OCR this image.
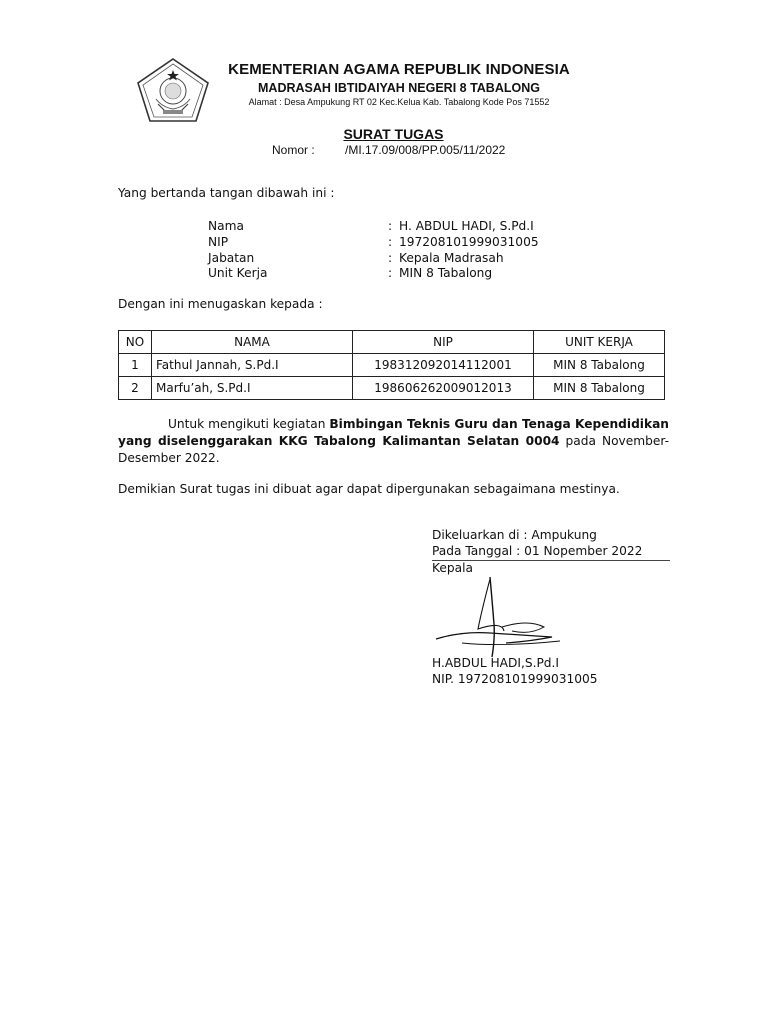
KEMENTERIAN AGAMA REPUBLIK INDONESIA
MADRASAH IBTIDAIYAH NEGERI 8 TABALONG
Alamat : Desa Ampukung RT 02 Kec.Kelua Kab. Tabalong Kode Pos 71552
SURAT TUGAS
Nomor :	/MI.17.09/008/PP.005/11/2022
Yang bertanda tangan dibawah ini :
Nama	: H. ABDUL HADI, S.Pd.I
NIP	: 197208101999031005
Jabatan	: Kepala Madrasah
Unit Kerja	: MIN 8 Tabalong
Dengan ini menugaskan kepada :
NO	NAMA	NIP	UNIT KERJA
1	Fathul Jannah, S.Pd.I	198312092014112001	MIN 8 Tabalong
2	Marfu’ah, S.Pd.I	198606262009012013	MIN 8 Tabalong
Untuk mengikuti kegiatan Bimbingan Teknis Guru dan Tenaga Kependidikan yang diselenggarakan KKG Tabalong Kalimantan Selatan 0004 pada November-Desember 2022.
Demikian Surat tugas ini dibuat agar dapat dipergunakan sebagaimana mestinya.
Dikeluarkan di : Ampukung
Pada Tanggal : 01 Nopember 2022
Kepala
H.ABDUL HADI,S.Pd.I
NIP. 197208101999031005
